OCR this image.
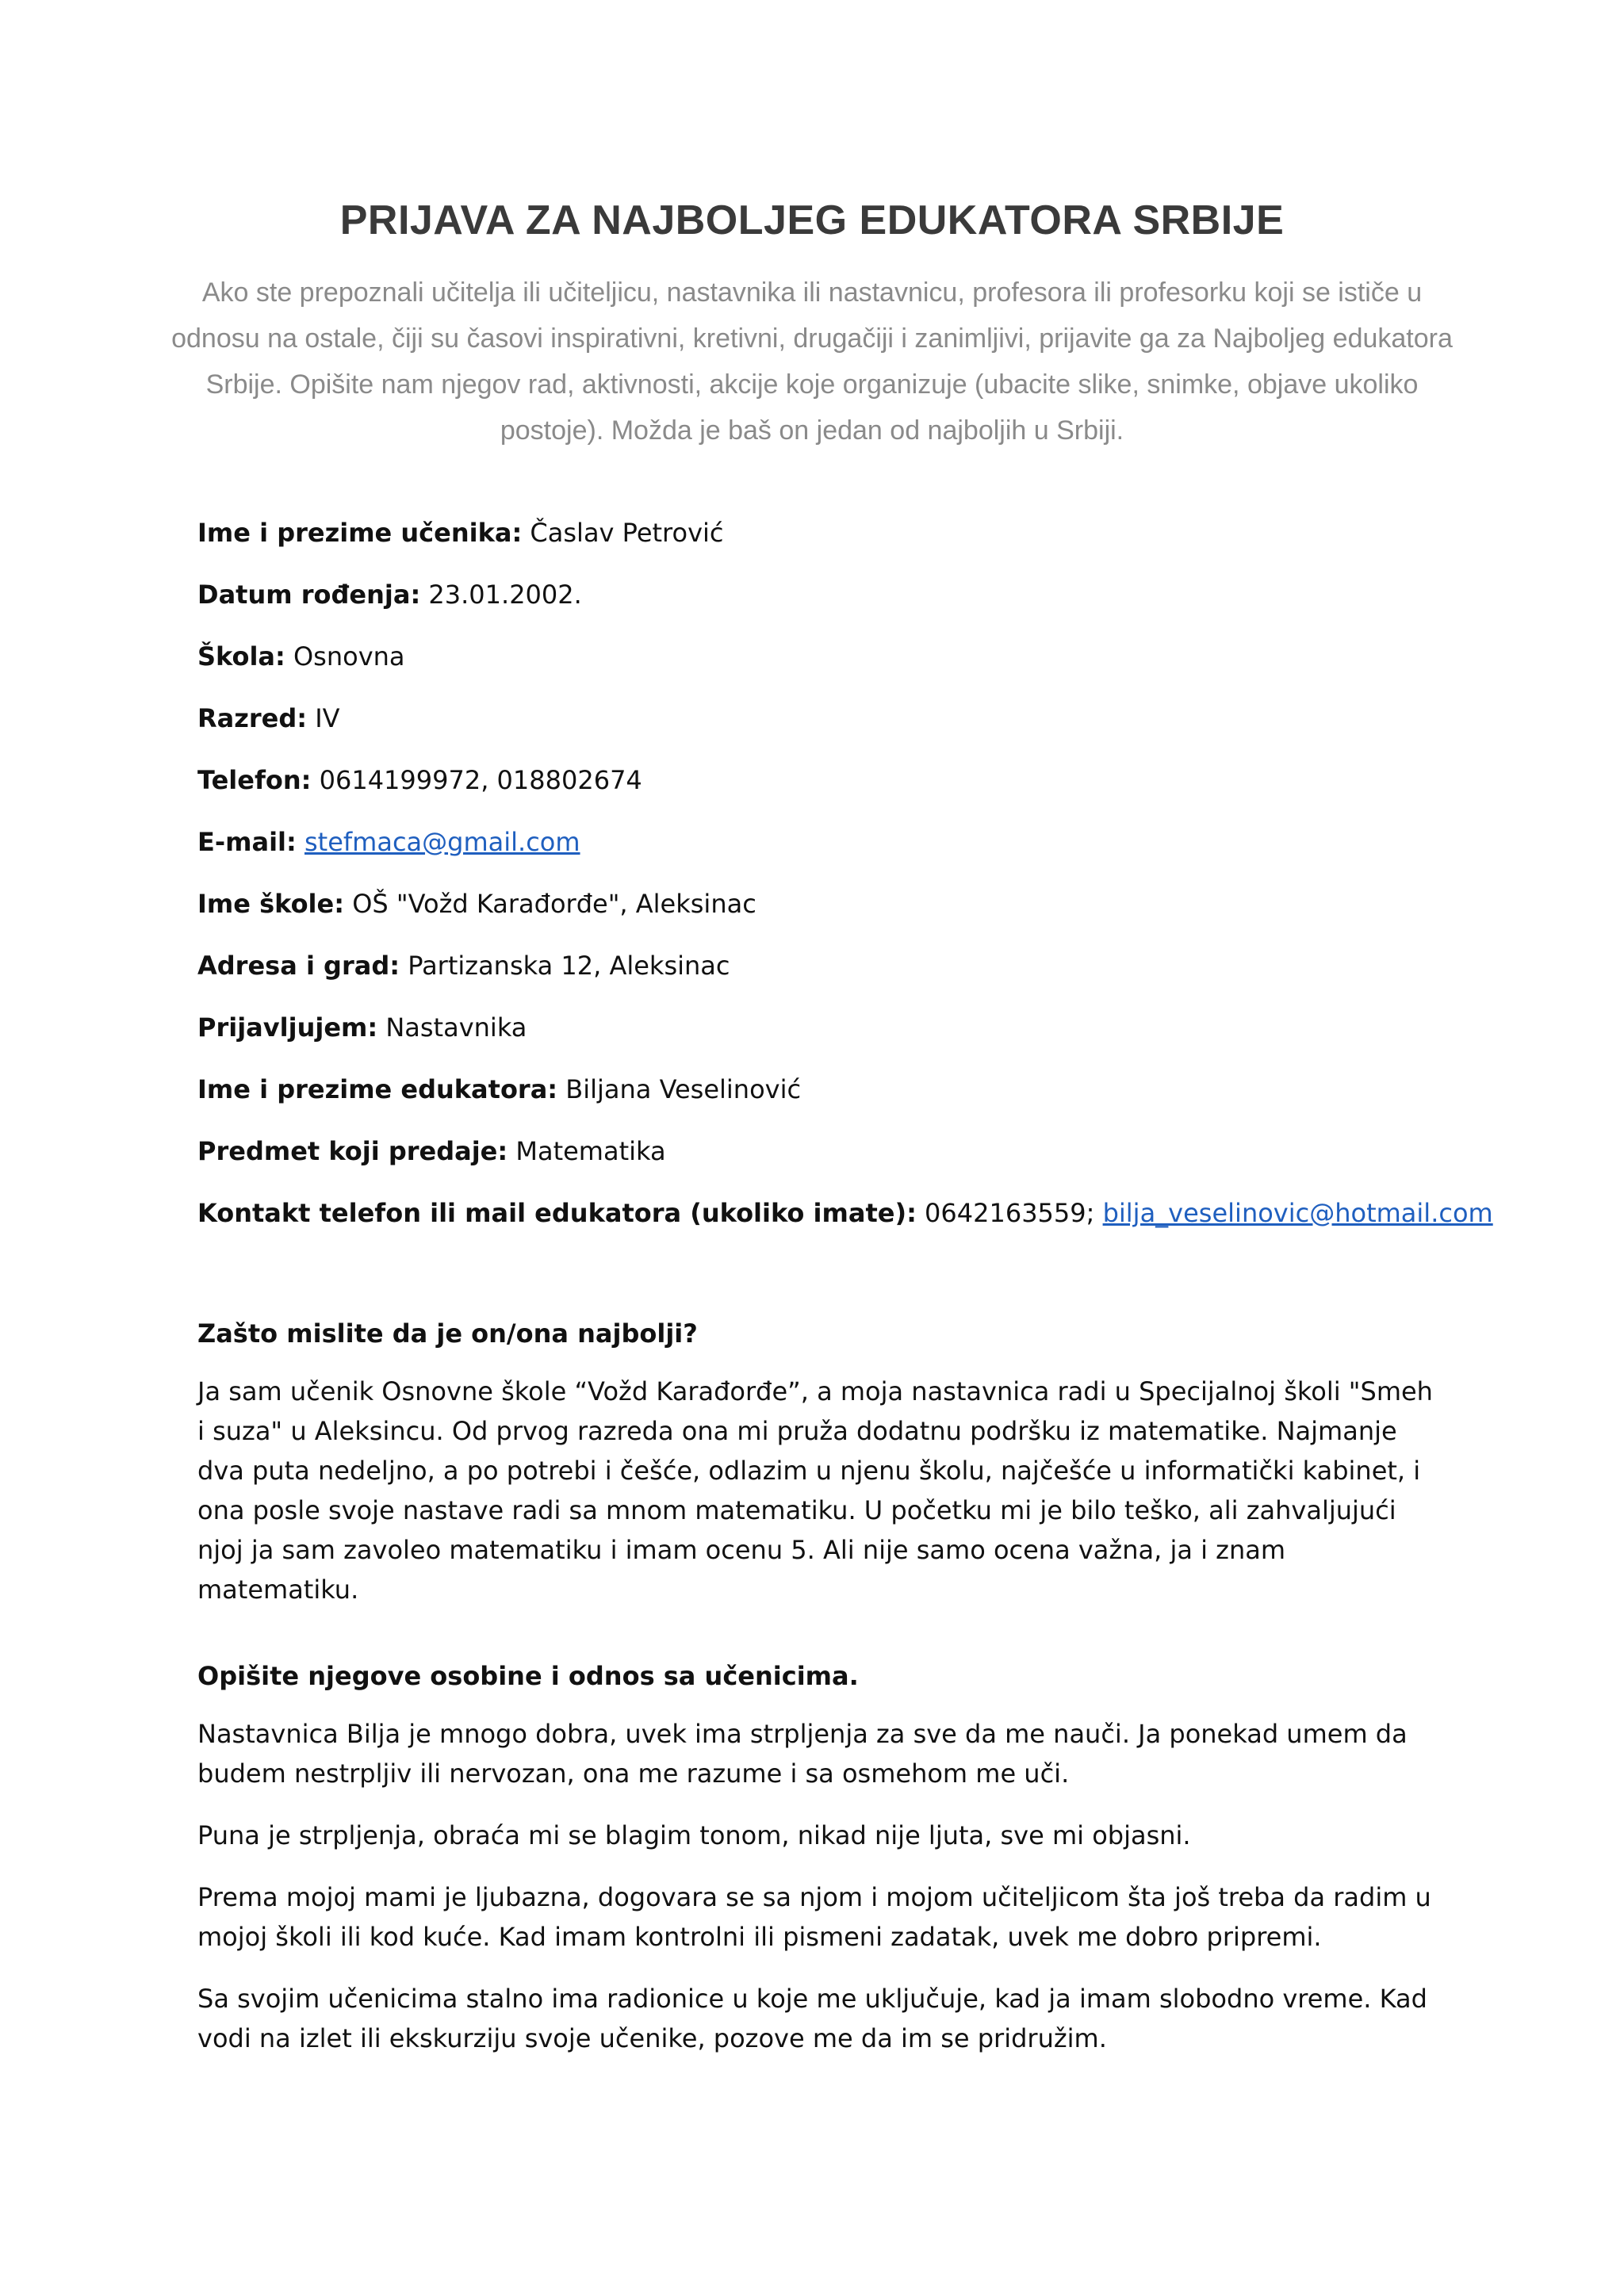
PRIJAVA ZA NAJBOLJEG EDUKATORA SRBIJE

Ako ste prepoznali učitelja ili učiteljicu, nastavnika ili nastavnicu, profesora ili profesorku koji se ističe u odnosu na ostale, čiji su časovi inspirativni, kretivni, drugačiji i zanimljivi, prijavite ga za Najboljeg edukatora Srbije. Opišite nam njegov rad, aktivnosti, akcije koje organizuje (ubacite slike, snimke, objave ukoliko postoje). Možda je baš on jedan od najboljih u Srbiji.

Ime i prezime učenika: Časlav Petrović
Datum rođenja: 23.01.2002.
Škola: Osnovna
Razred: IV
Telefon: 0614199972, 018802674
E-mail: stefmaca@gmail.com
Ime škole: OŠ "Vožd Karađorđe", Aleksinac
Adresa i grad: Partizanska 12, Aleksinac
Prijavljujem: Nastavnika
Ime i prezime edukatora: Biljana Veselinović
Predmet koji predaje: Matematika
Kontakt telefon ili mail edukatora (ukoliko imate): 0642163559; bilja_veselinovic@hotmail.com
Zašto mislite da je on/ona najbolji?

Ja sam učenik Osnovne škole “Vožd Karađorđe”, a moja nastavnica radi u Specijalnoj školi "Smeh i suza" u Aleksincu. Od prvog razreda ona mi pruža dodatnu podršku iz matematike. Najmanje dva puta nedeljno, a po potrebi i češće, odlazim u njenu školu, najčešće u informatički kabinet, i ona posle svoje nastave radi sa mnom matematiku. U početku mi je bilo teško, ali zahvaljujući njoj ja sam zavoleo matematiku i imam ocenu 5. Ali nije samo ocena važna, ja i znam matematiku.

Opišite njegove osobine i odnos sa učenicima.

Nastavnica Bilja je mnogo dobra, uvek ima strpljenja za sve da me nauči. Ja ponekad umem da budem nestrpljiv ili nervozan, ona me razume i sa osmehom me uči.

Puna je strpljenja, obraća mi se blagim tonom, nikad nije ljuta, sve mi objasni.

Prema mojoj mami je ljubazna, dogovara se sa njom i mojom učiteljicom šta još treba da radim u mojoj školi ili kod kuće. Kad imam kontrolni ili pismeni zadatak, uvek me dobro pripremi.

Sa svojim učenicima stalno ima radionice u koje me uključuje, kad ja imam slobodno vreme. Kad vodi na izlet ili ekskurziju svoje učenike, pozove me da im se pridružim.
